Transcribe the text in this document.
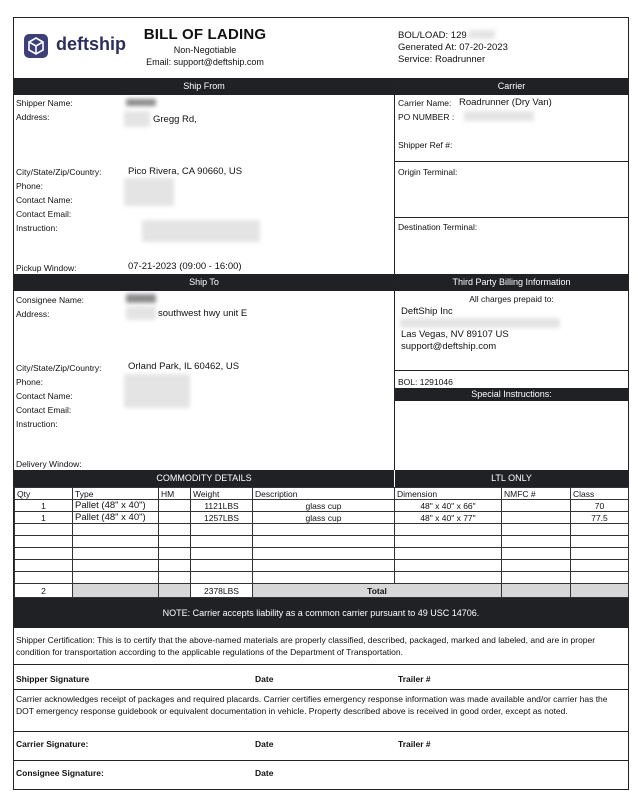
deftship	BILL OF LADING
Non-Negotiable
Email: support@deftship.com
BOL/LOAD: 129
Generated At: 07-20-2023
Service: Roadrunner
Ship From	Carrier
Shipper Name:
Address:	Gregg Rd,
City/State/Zip/Country:	Pico Rivera, CA 90660, US
Phone:
Contact Name:
Contact Email:
Instruction:
Pickup Window:	07-21-2023 (09:00 - 16:00)
Carrier Name: Roadrunner (Dry Van)
PO NUMBER :
Shipper Ref #:
Origin Terminal:
Destination Terminal:
Ship To	Third Party Billing Information
Consignee Name:
Address:	southwest hwy unit E
City/State/Zip/Country:	Orland Park, IL 60462, US
Phone:
Contact Name:
Contact Email:
Instruction:
Delivery Window:
All charges prepaid to:
DeftShip Inc
Las Vegas, NV 89107 US
support@deftship.com
BOL: 1291046
Special Instructions:
COMMODITY DETAILS	LTL ONLY
Qty	Type	HM	Weight	Description	Dimension	NMFC #	Class
1	Pallet (48" x 40")		1121LBS	glass cup	48" x 40" x 66"		70
1	Pallet (48" x 40")		1257LBS	glass cup	48" x 40" x 77"		77.5

2			2378LBS	Total			
NOTE: Carrier accepts liability as a common carrier pursuant to 49 USC 14706.
Shipper Certification: This is to certify that the above-named materials are properly classified, described, packaged, marked and labeled, and are in proper condition for transportation according to the applicable regulations of the Department of Transportation.
Shipper Signature	Date	Trailer #
Carrier acknowledges receipt of packages and required placards. Carrier certifies emergency response information was made available and/or carrier has the DOT emergency response guidebook or equivalent documentation in vehicle. Property described above is received in good order, except as noted.
Carrier Signature:	Date	Trailer #
Consignee Signature:	Date
